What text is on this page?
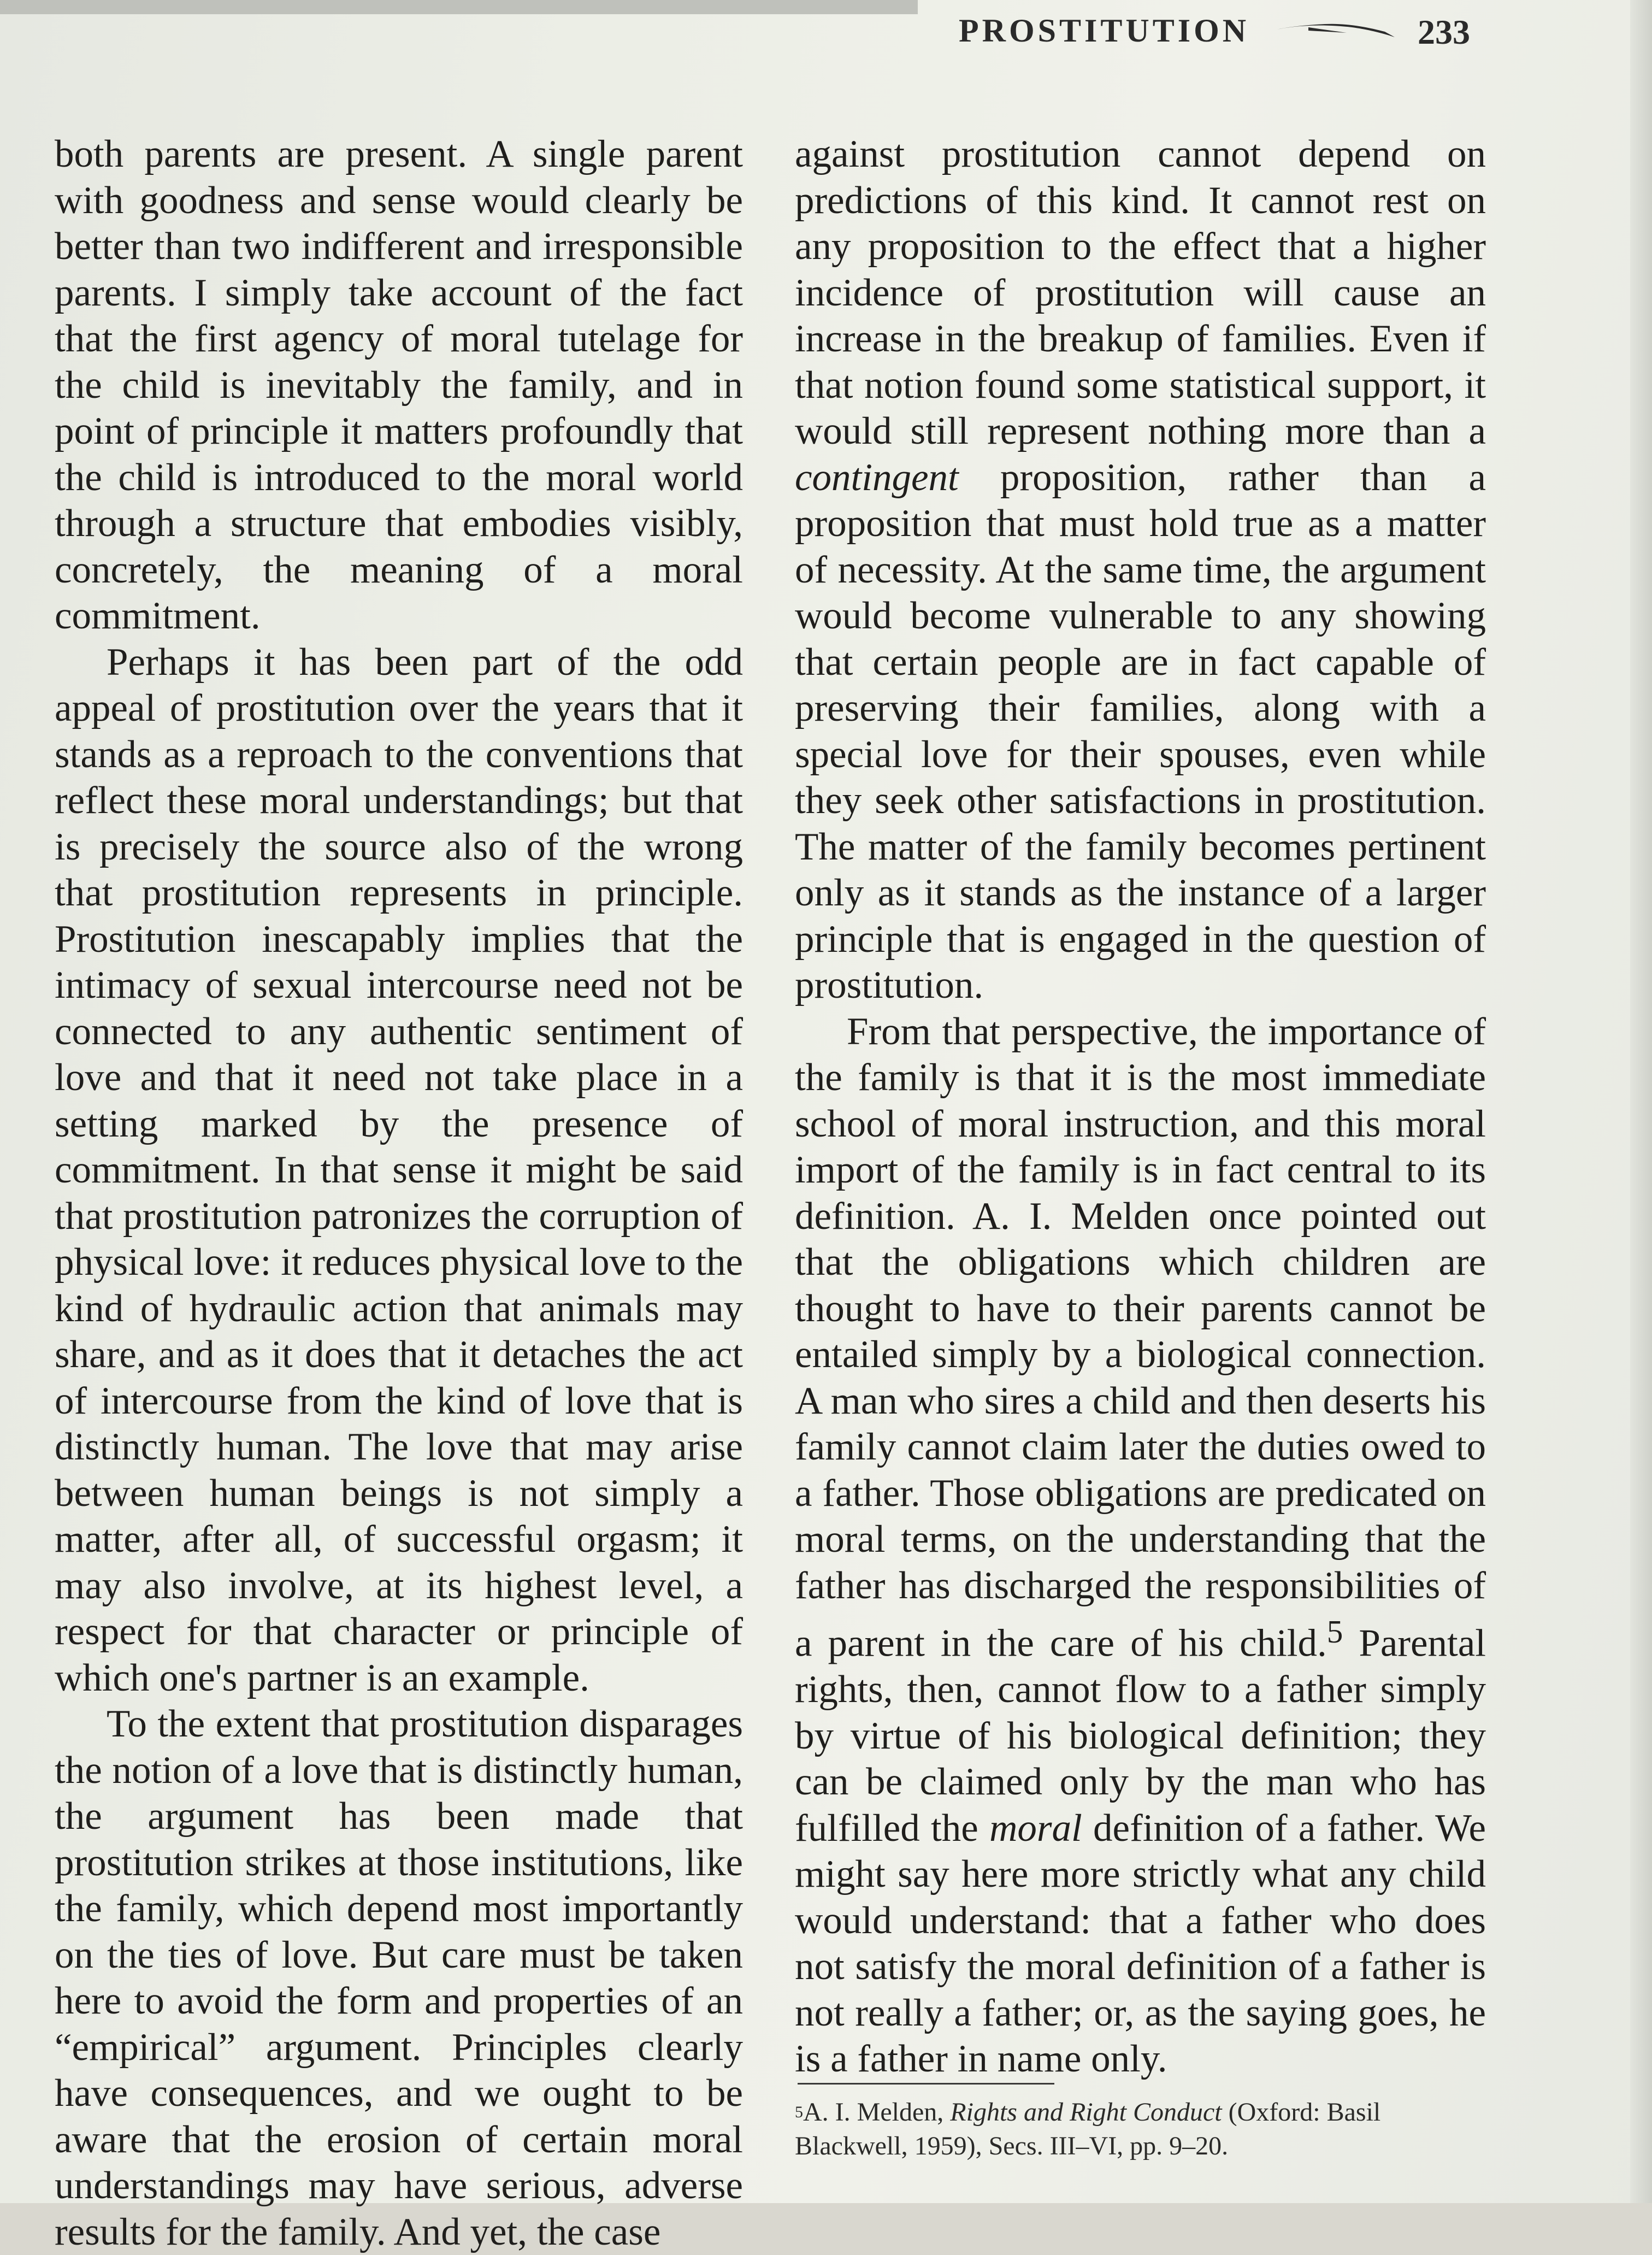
PROSTITUTION	233

both parents are present. A single parent with goodness and sense would clearly be better than two indifferent and irresponsible parents. I simply take account of the fact that the first agency of moral tutelage for the child is inevitably the family, and in point of principle it matters profoundly that the child is introduced to the moral world through a structure that embodies visibly, concretely, the meaning of a moral commitment.

Perhaps it has been part of the odd appeal of prostitution over the years that it stands as a reproach to the conventions that reflect these moral understandings; but that is precisely the source also of the wrong that prostitution represents in principle. Prostitution inescapably implies that the intimacy of sexual intercourse need not be connected to any authentic sentiment of love and that it need not take place in a setting marked by the presence of commitment. In that sense it might be said that prostitution patronizes the corruption of physical love: it reduces physical love to the kind of hydraulic action that animals may share, and as it does that it detaches the act of intercourse from the kind of love that is distinctly human. The love that may arise between human beings is not simply a matter, after all, of successful orgasm; it may also involve, at its highest level, a respect for that character or principle of which one's partner is an example.

To the extent that prostitution disparages the notion of a love that is distinctly human, the argument has been made that prostitution strikes at those institutions, like the family, which depend most importantly on the ties of love. But care must be taken here to avoid the form and properties of an “empirical” argument. Principles clearly have consequences, and we ought to be aware that the erosion of certain moral understandings may have serious, adverse results for the family. And yet, the case

against prostitution cannot depend on predictions of this kind. It cannot rest on any proposition to the effect that a higher incidence of prostitution will cause an increase in the breakup of families. Even if that notion found some statistical support, it would still represent nothing more than a contingent proposition, rather than a proposition that must hold true as a matter of necessity. At the same time, the argument would become vulnerable to any showing that certain people are in fact capable of preserving their families, along with a special love for their spouses, even while they seek other satisfactions in prostitution. The matter of the family becomes pertinent only as it stands as the instance of a larger principle that is engaged in the question of prostitution.

From that perspective, the importance of the family is that it is the most immediate school of moral instruction, and this moral import of the family is in fact central to its definition. A. I. Melden once pointed out that the obligations which children are thought to have to their parents cannot be entailed simply by a biological connection. A man who sires a child and then deserts his family cannot claim later the duties owed to a father. Those obligations are predicated on moral terms, on the understanding that the father has discharged the responsibilities of a parent in the care of his child.$^5$ Parental rights, then, cannot flow to a father simply by virtue of his biological definition; they can be claimed only by the man who has fulfilled the moral definition of a father. We might say here more strictly what any child would understand: that a father who does not satisfy the moral definition of a father is not really a father; or, as the saying goes, he is a father in name only.

$^5$A. I. Melden, Rights and Right Conduct (Oxford: Basil Blackwell, 1959), Secs. III–VI, pp. 9–20.
